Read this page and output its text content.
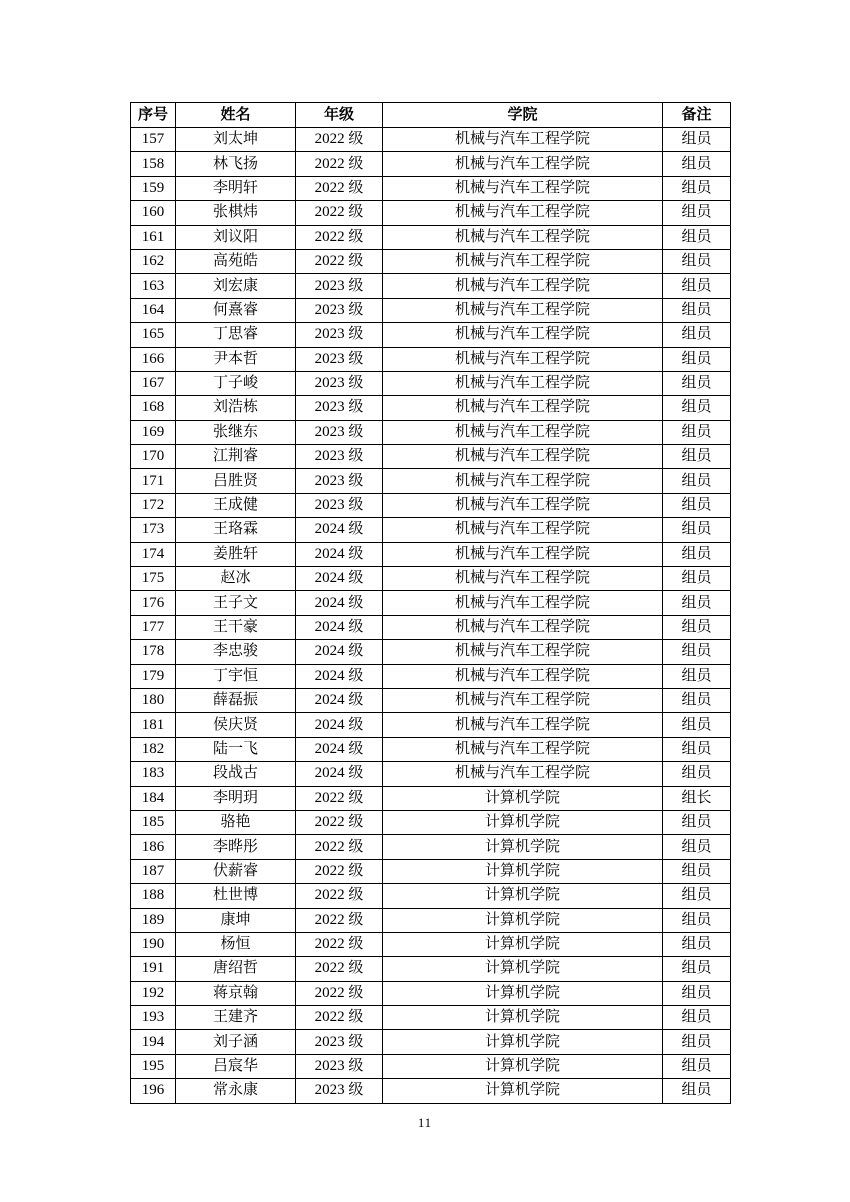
序号	姓名	年级	学院	备注
157	刘太坤	2022 级	机械与汽车工程学院	组员
158	林飞扬	2022 级	机械与汽车工程学院	组员
159	李明轩	2022 级	机械与汽车工程学院	组员
160	张棋炜	2022 级	机械与汽车工程学院	组员
161	刘议阳	2022 级	机械与汽车工程学院	组员
162	高苑皓	2022 级	机械与汽车工程学院	组员
163	刘宏康	2023 级	机械与汽车工程学院	组员
164	何熹睿	2023 级	机械与汽车工程学院	组员
165	丁思睿	2023 级	机械与汽车工程学院	组员
166	尹本哲	2023 级	机械与汽车工程学院	组员
167	丁子峻	2023 级	机械与汽车工程学院	组员
168	刘浩栋	2023 级	机械与汽车工程学院	组员
169	张继东	2023 级	机械与汽车工程学院	组员
170	江荆睿	2023 级	机械与汽车工程学院	组员
171	吕胜贤	2023 级	机械与汽车工程学院	组员
172	王成健	2023 级	机械与汽车工程学院	组员
173	王珞霖	2024 级	机械与汽车工程学院	组员
174	姜胜轩	2024 级	机械与汽车工程学院	组员
175	赵冰	2024 级	机械与汽车工程学院	组员
176	王子文	2024 级	机械与汽车工程学院	组员
177	王干豪	2024 级	机械与汽车工程学院	组员
178	李忠骏	2024 级	机械与汽车工程学院	组员
179	丁宇恒	2024 级	机械与汽车工程学院	组员
180	薛磊振	2024 级	机械与汽车工程学院	组员
181	侯庆贤	2024 级	机械与汽车工程学院	组员
182	陆一飞	2024 级	机械与汽车工程学院	组员
183	段战古	2024 级	机械与汽车工程学院	组员
184	李明玥	2022 级	计算机学院	组长
185	骆艳	2022 级	计算机学院	组员
186	李晔彤	2022 级	计算机学院	组员
187	伏薪睿	2022 级	计算机学院	组员
188	杜世博	2022 级	计算机学院	组员
189	康坤	2022 级	计算机学院	组员
190	杨恒	2022 级	计算机学院	组员
191	唐绍哲	2022 级	计算机学院	组员
192	蒋京翰	2022 级	计算机学院	组员
193	王建齐	2022 级	计算机学院	组员
194	刘子涵	2023 级	计算机学院	组员
195	吕宸华	2023 级	计算机学院	组员
196	常永康	2023 级	计算机学院	组员
11
